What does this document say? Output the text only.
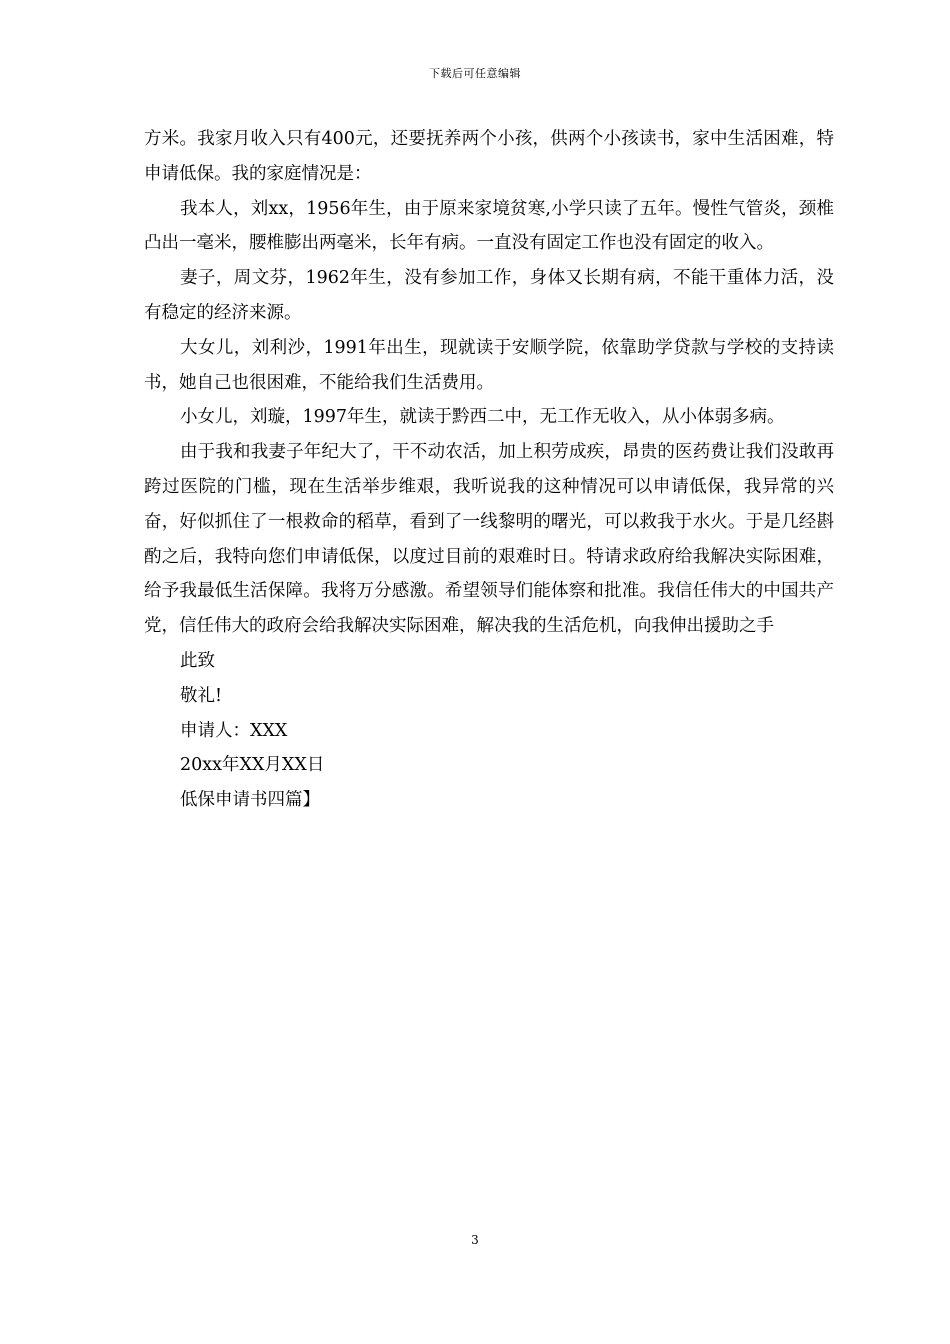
下载后可任意编辑

方米。我家月收入只有400元，还要抚养两个小孩，供两个小孩读书，家中生活困难，特申请低保。我的家庭情况是：

我本人，刘xx，1956年生，由于原来家境贫寒,小学只读了五年。慢性气管炎，颈椎凸出一毫米，腰椎膨出两毫米，长年有病。一直没有固定工作也没有固定的收入。

妻子，周文芬，1962年生，没有参加工作，身体又长期有病，不能干重体力活，没有稳定的经济来源。

大女儿，刘利沙，1991年出生，现就读于安顺学院，依靠助学贷款与学校的支持读书，她自己也很困难，不能给我们生活费用。

小女儿，刘璇，1997年生，就读于黔西二中，无工作无收入，从小体弱多病。

由于我和我妻子年纪大了，干不动农活，加上积劳成疾，昂贵的医药费让我们没敢再跨过医院的门槛，现在生活举步维艰，我听说我的这种情况可以申请低保，我异常的兴奋，好似抓住了一根救命的稻草，看到了一线黎明的曙光，可以救我于水火。于是几经斟酌之后，我特向您们申请低保，以度过目前的艰难时日。特请求政府给我解决实际困难，给予我最低生活保障。我将万分感激。希望领导们能体察和批准。我信任伟大的中国共产党，信任伟大的政府会给我解决实际困难，解决我的生活危机，向我伸出援助之手

此致

敬礼!

申请人：XXX

20xx年XX月XX日

低保申请书四篇】

3
